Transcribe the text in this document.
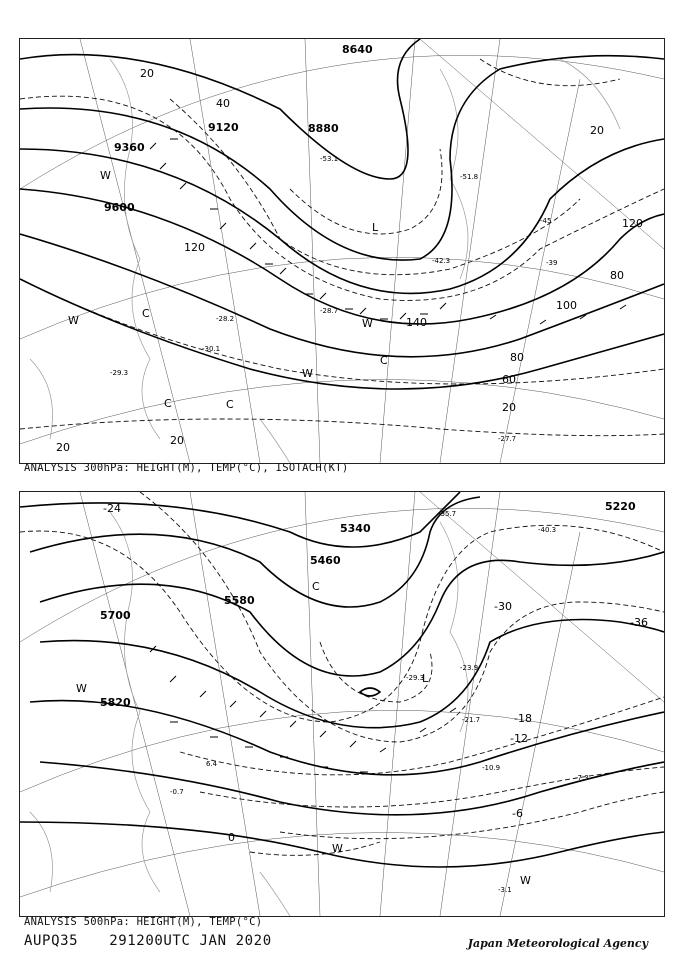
8640
8880
9120
9360
9600
20
60
100
80
120
140
80
20
20
40
20
120
20
-30.1
-29.3
-27.7
-53.1
-51.8
-45
-39
-42.3
-28.2
-28.7
W
W
W
W
C
C	C
C
L
ANALYSIS 300hPa: HEIGHT(M), TEMP(°C), ISOTACH(KT)
5220
5340
5460
5580
5700
5820
-24
-30
-36
-18
-12
-6
0
-7.3
-10.9
-3.1
-23.9
-21.7
6.4
-0.7
-29.3
-35.7
-40.3
L
W
W
W
C
ANALYSIS 500hPa: HEIGHT(M), TEMP(°C)
AUPQ35 291200UTC JAN 2020	Japan Meteorological Agency
